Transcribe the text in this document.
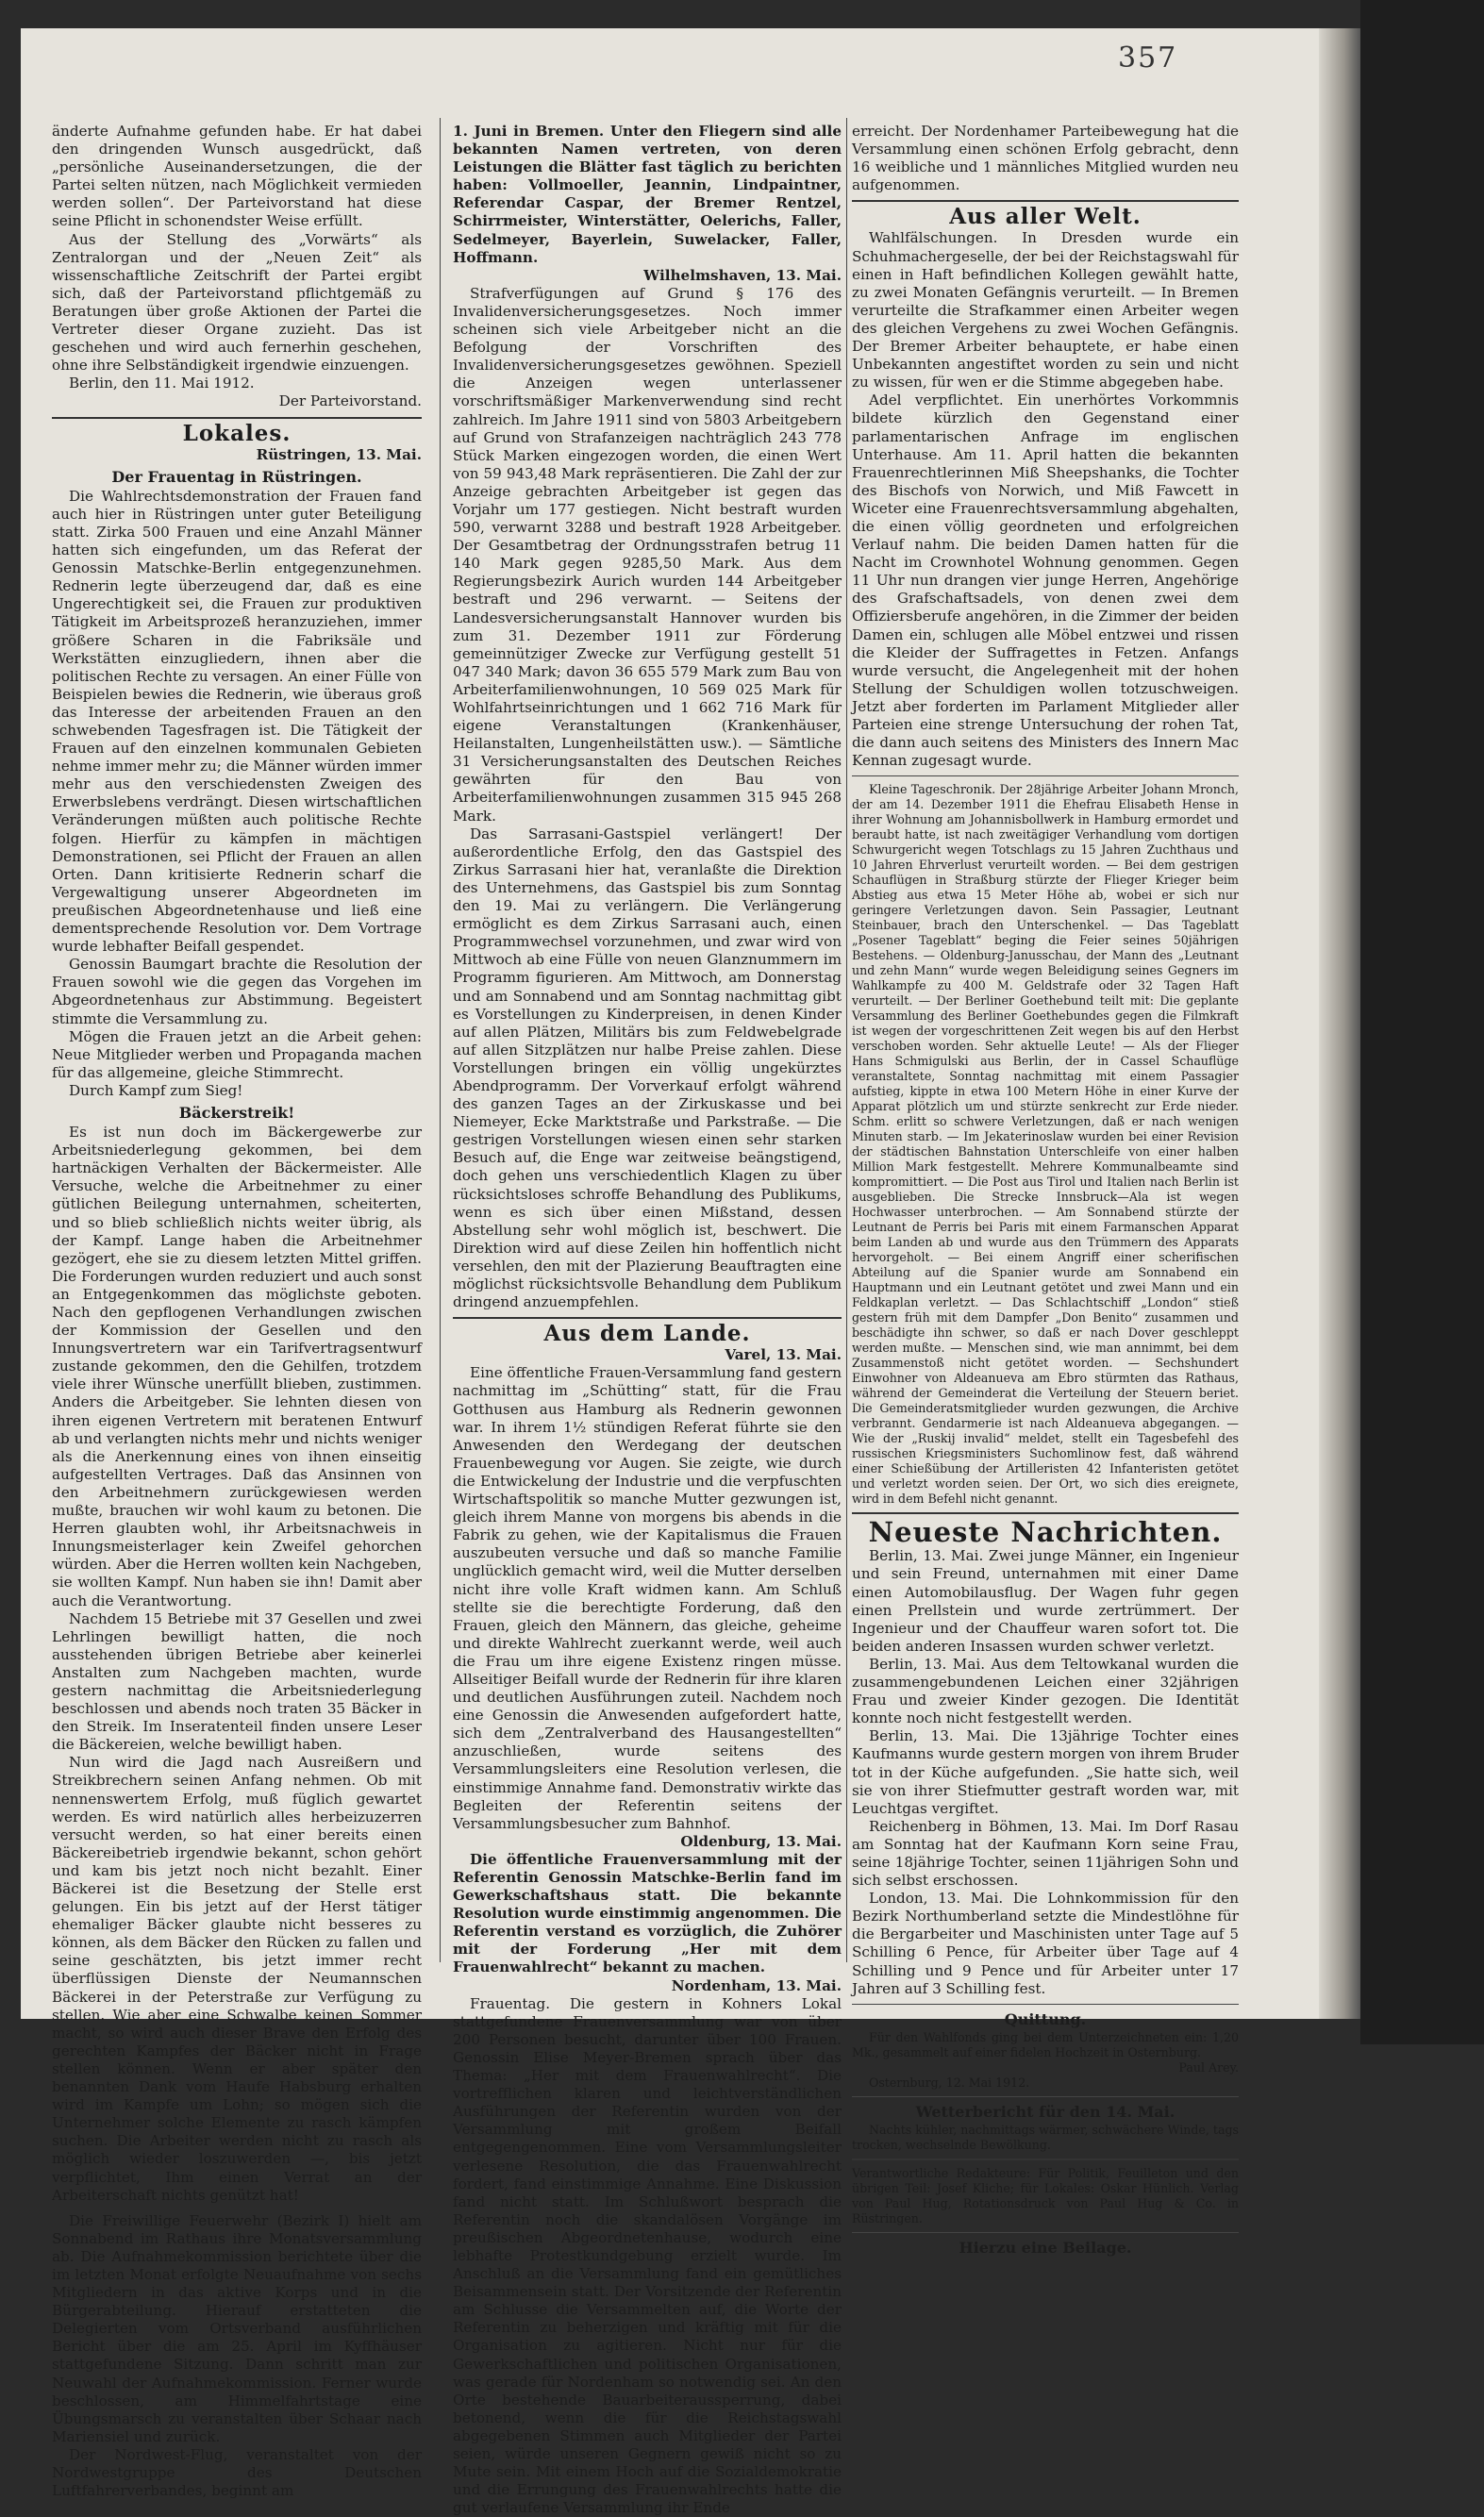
357

änderte Aufnahme gefunden habe. Er hat dabei den dringenden Wunsch ausgedrückt, daß „persönliche Auseinandersetzungen, die der Partei selten nützen, nach Möglichkeit vermieden werden sollen“. Der Parteivorstand hat diese seine Pflicht in schonendster Weise erfüllt.

Aus der Stellung des „Vorwärts“ als Zentralorgan und der „Neuen Zeit“ als wissenschaftliche Zeitschrift der Partei ergibt sich, daß der Parteivorstand pflichtgemäß zu Beratungen über große Aktionen der Partei die Vertreter dieser Organe zuzieht. Das ist geschehen und wird auch fernerhin geschehen, ohne ihre Selbständigkeit irgendwie einzuengen.

Berlin, den 11. Mai 1912.

Der Parteivorstand.

Lokales.

Rüstringen, 13. Mai.

Der Frauentag in Rüstringen.

Die Wahlrechtsdemonstration der Frauen fand auch hier in Rüstringen unter guter Beteiligung statt. Zirka 500 Frauen und eine Anzahl Männer hatten sich eingefunden, um das Referat der Genossin Matschke-Berlin entgegenzunehmen. Rednerin legte überzeugend dar, daß es eine Ungerechtigkeit sei, die Frauen zur produktiven Tätigkeit im Arbeitsprozeß heranzuziehen, immer größere Scharen in die Fabriksäle und Werkstätten einzugliedern, ihnen aber die politischen Rechte zu versagen. An einer Fülle von Beispielen bewies die Rednerin, wie überaus groß das Interesse der arbeitenden Frauen an den schwebenden Tagesfragen ist. Die Tätigkeit der Frauen auf den einzelnen kommunalen Gebieten nehme immer mehr zu; die Männer würden immer mehr aus den verschiedensten Zweigen des Erwerbslebens verdrängt. Diesen wirtschaftlichen Veränderungen müßten auch politische Rechte folgen. Hierfür zu kämpfen in mächtigen Demonstrationen, sei Pflicht der Frauen an allen Orten. Dann kritisierte Rednerin scharf die Vergewaltigung unserer Abgeordneten im preußischen Abgeordnetenhause und ließ eine dementsprechende Resolution vor. Dem Vortrage wurde lebhafter Beifall gespendet.

Genossin Baumgart brachte die Resolution der Frauen sowohl wie die gegen das Vorgehen im Abgeordnetenhaus zur Abstimmung. Begeistert stimmte die Versammlung zu.

Mögen die Frauen jetzt an die Arbeit gehen: Neue Mitglieder werben und Propaganda machen für das allgemeine, gleiche Stimmrecht.

Durch Kampf zum Sieg!

Bäckerstreik!

Es ist nun doch im Bäckergewerbe zur Arbeitsniederlegung gekommen, bei dem hartnäckigen Verhalten der Bäckermeister. Alle Versuche, welche die Arbeitnehmer zu einer gütlichen Beilegung unternahmen, scheiterten, und so blieb schließlich nichts weiter übrig, als der Kampf. Lange haben die Arbeitnehmer gezögert, ehe sie zu diesem letzten Mittel griffen. Die Forderungen wurden reduziert und auch sonst an Entgegenkommen das möglichste geboten. Nach den gepflogenen Verhandlungen zwischen der Kommission der Gesellen und den Innungsvertretern war ein Tarifvertragsentwurf zustande gekommen, den die Gehilfen, trotzdem viele ihrer Wünsche unerfüllt blieben, zustimmen. Anders die Arbeitgeber. Sie lehnten diesen von ihren eigenen Vertretern mit beratenen Entwurf ab und verlangten nichts mehr und nichts weniger als die Anerkennung eines von ihnen einseitig aufgestellten Vertrages. Daß das Ansinnen von den Arbeitnehmern zurückgewiesen werden mußte, brauchen wir wohl kaum zu betonen. Die Herren glaubten wohl, ihr Arbeitsnachweis in Innungsmeisterlager kein Zweifel gehorchen würden. Aber die Herren wollten kein Nachgeben, sie wollten Kampf. Nun haben sie ihn! Damit aber auch die Verantwortung.

Nachdem 15 Betriebe mit 37 Gesellen und zwei Lehrlingen bewilligt hatten, die noch ausstehenden übrigen Betriebe aber keinerlei Anstalten zum Nachgeben machten, wurde gestern nachmittag die Arbeitsniederlegung beschlossen und abends noch traten 35 Bäcker in den Streik. Im Inseratenteil finden unsere Leser die Bäckereien, welche bewilligt haben.

Nun wird die Jagd nach Ausreißern und Streikbrechern seinen Anfang nehmen. Ob mit nennenswertem Erfolg, muß füglich gewartet werden. Es wird natürlich alles herbeizuzerren versucht werden, so hat einer bereits einen Bäckereibetrieb irgendwie bekannt, schon gehört und kam bis jetzt noch nicht bezahlt. Einer Bäckerei ist die Besetzung der Stelle erst gelungen. Ein bis jetzt auf der Herst tätiger ehemaliger Bäcker glaubte nicht besseres zu können, als dem Bäcker den Rücken zu fallen und seine geschätzten, bis jetzt immer recht überflüssigen Dienste der Neumannschen Bäckerei in der Peterstraße zur Verfügung zu stellen. Wie aber eine Schwalbe keinen Sommer macht, so wird auch dieser Brave den Erfolg des gerechten Kampfes der Bäcker nicht in Frage stellen können. Wenn er aber später den benannten Dank vom Haufe Habsburg erhalten wird im Kampfe um Lohn; so mögen sich die Unternehmer solche Elemente zu rasch kämpfen suchen. Die Arbeiter werden nicht zu rasch als möglich wieder loszuwerden —, bis jetzt verpflichtet, Ihm einen Verrat an der Arbeiterschaft nichts genützt hat!

Die Freiwillige Feuerwehr (Bezirk I) hielt am Sonnabend im Rathaus ihre Monatsversammlung ab. Die Aufnahmekommission berichtete über die im letzten Monat erfolgte Neuaufnahme von sechs Mitgliedern in das aktive Korps und in die Bürgerabteilung. Hierauf erstatteten die Delegierten vom Ortsverband ausführlichen Bericht über die am 25. April im Kyffhäuser stattgefundene Sitzung. Dann schritt man zur Neuwahl der Aufnahmekommission. Ferner wurde beschlossen, am Himmelfahrtstage eine Übungsmarsch zu veranstalten über Schaar nach Mariensiel und zurück.

Der Nordwest-Flug, veranstaltet von der Nordwestgruppe des Deutschen Luftfahrerverbandes, beginnt am

1. Juni in Bremen. Unter den Fliegern sind alle bekannten Namen vertreten, von deren Leistungen die Blätter fast täglich zu berichten haben: Vollmoeller, Jeannin, Lindpaintner, Referendar Caspar, der Bremer Rentzel, Schirrmeister, Winterstätter, Oelerichs, Faller, Sedelmeyer, Bayerlein, Suwelacker, Faller, Hoffmann.

Wilhelmshaven, 13. Mai.

Strafverfügungen auf Grund § 176 des Invalidenversicherungsgesetzes. Noch immer scheinen sich viele Arbeitgeber nicht an die Befolgung der Vorschriften des Invalidenversicherungsgesetzes gewöhnen. Speziell die Anzeigen wegen unterlassener vorschriftsmäßiger Markenverwendung sind recht zahlreich. Im Jahre 1911 sind von 5803 Arbeitgebern auf Grund von Strafanzeigen nachträglich 243 778 Stück Marken eingezogen worden, die einen Wert von 59 943,48 Mark repräsentieren. Die Zahl der zur Anzeige gebrachten Arbeitgeber ist gegen das Vorjahr um 177 gestiegen. Nicht bestraft wurden 590, verwarnt 3288 und bestraft 1928 Arbeitgeber. Der Gesamtbetrag der Ordnungsstrafen betrug 11 140 Mark gegen 9285,50 Mark. Aus dem Regierungsbezirk Aurich wurden 144 Arbeitgeber bestraft und 296 verwarnt. — Seitens der Landesversicherungsanstalt Hannover wurden bis zum 31. Dezember 1911 zur Förderung gemeinnütziger Zwecke zur Verfügung gestellt 51 047 340 Mark; davon 36 655 579 Mark zum Bau von Arbeiterfamilienwohnungen, 10 569 025 Mark für Wohlfahrtseinrichtungen und 1 662 716 Mark für eigene Veranstaltungen (Krankenhäuser, Heilanstalten, Lungenheilstätten usw.). — Sämtliche 31 Versicherungsanstalten des Deutschen Reiches gewährten für den Bau von Arbeiterfamilienwohnungen zusammen 315 945 268 Mark.

Das Sarrasani-Gastspiel verlängert! Der außerordentliche Erfolg, den das Gastspiel des Zirkus Sarrasani hier hat, veranlaßte die Direktion des Unternehmens, das Gastspiel bis zum Sonntag den 19. Mai zu verlängern. Die Verlängerung ermöglicht es dem Zirkus Sarrasani auch, einen Programmwechsel vorzunehmen, und zwar wird von Mittwoch ab eine Fülle von neuen Glanznummern im Programm figurieren. Am Mittwoch, am Donnerstag und am Sonnabend und am Sonntag nachmittag gibt es Vorstellungen zu Kinderpreisen, in denen Kinder auf allen Plätzen, Militärs bis zum Feldwebelgrade auf allen Sitzplätzen nur halbe Preise zahlen. Diese Vorstellungen bringen ein völlig ungekürztes Abendprogramm. Der Vorverkauf erfolgt während des ganzen Tages an der Zirkuskasse und bei Niemeyer, Ecke Marktstraße und Parkstraße. — Die gestrigen Vorstellungen wiesen einen sehr starken Besuch auf, die Enge war zeitweise beängstigend, doch gehen uns verschiedentlich Klagen zu über rücksichtsloses schroffe Behandlung des Publikums, wenn es sich über einen Mißstand, dessen Abstellung sehr wohl möglich ist, beschwert. Die Direktion wird auf diese Zeilen hin hoffentlich nicht versehlen, den mit der Plazierung Beauftragten eine möglichst rücksichtsvolle Behandlung dem Publikum dringend anzuempfehlen.

Aus dem Lande.

Varel, 13. Mai.

Eine öffentliche Frauen-Versammlung fand gestern nachmittag im „Schütting“ statt, für die Frau Gotthusen aus Hamburg als Rednerin gewonnen war. In ihrem 1½ stündigen Referat führte sie den Anwesenden den Werdegang der deutschen Frauenbewegung vor Augen. Sie zeigte, wie durch die Entwickelung der Industrie und die verpfuschten Wirtschaftspolitik so manche Mutter gezwungen ist, gleich ihrem Manne von morgens bis abends in die Fabrik zu gehen, wie der Kapitalismus die Frauen auszubeuten versuche und daß so manche Familie unglücklich gemacht wird, weil die Mutter derselben nicht ihre volle Kraft widmen kann. Am Schluß stellte sie die berechtigte Forderung, daß den Frauen, gleich den Männern, das gleiche, geheime und direkte Wahlrecht zuerkannt werde, weil auch die Frau um ihre eigene Existenz ringen müsse. Allseitiger Beifall wurde der Rednerin für ihre klaren und deutlichen Ausführungen zuteil. Nachdem noch eine Genossin die Anwesenden aufgefordert hatte, sich dem „Zentralverband des Hausangestellten“ anzuschließen, wurde seitens des Versammlungsleiters eine Resolution verlesen, die einstimmige Annahme fand. Demonstrativ wirkte das Begleiten der Referentin seitens der Versammlungsbesucher zum Bahnhof.

Oldenburg, 13. Mai.

Die öffentliche Frauenversammlung mit der Referentin Genossin Matschke-Berlin fand im Gewerkschaftshaus statt. Die bekannte Resolution wurde einstimmig angenommen. Die Referentin verstand es vorzüglich, die Zuhörer mit der Forderung „Her mit dem Frauenwahlrecht“ bekannt zu machen.

Nordenham, 13. Mai.

Frauentag. Die gestern in Kohners Lokal stattgefundene Frauenversammlung war von über 200 Personen besucht, darunter über 100 Frauen. Genossin Elise Meyer-Bremen sprach über das Thema: „Her mit dem Frauenwahlrecht“. Die vortrefflichen klaren und leichtverständlichen Ausführungen der Referentin wurden von der Versammlung mit großem Beifall entgegengenommen. Eine vom Versammlungsleiter verlesene Resolution, die das Frauenwahlrecht fordert, fand einstimmige Annahme. Eine Diskussion fand nicht statt. Im Schlußwort besprach die Referentin noch die skandalösen Vorgänge im preußischen Abgeordnetenhause, wodurch eine lebhafte Protestkundgebung erzielt wurde. Im Anschluß an die Versammlung fand ein gemütliches Beisammensein statt. Der Vorsitzende der Referentin am Schlusse die Versammelten auf, die Worte der Referentin zu beherzigen und kräftig mit für die Organisation zu agitieren. Nicht nur für die Gewerkschaftlichen und politischen Organisationen, was gerade für Nordenham so notwendig sei. An den Orte bestehende Bauarbeiteraussperrung, dabei betonend, wenn die für die Reichstagswahl abgegebenen Stimmen auch Mitglieder der Partei seien, würde unseren Gegnern gewiß nicht so zu Mute sein. Mit einem Hoch auf die Sozialdemokratie und die Errungung des Frauenwahlrechts hatte die gut verlaufene Versammlung ihr Ende

erreicht. Der Nordenhamer Parteibewegung hat die Versammlung einen schönen Erfolg gebracht, denn 16 weibliche und 1 männliches Mitglied wurden neu aufgenommen.

Aus aller Welt.

Wahlfälschungen. In Dresden wurde ein Schuhmachergeselle, der bei der Reichstagswahl für einen in Haft befindlichen Kollegen gewählt hatte, zu zwei Monaten Gefängnis verurteilt. — In Bremen verurteilte die Strafkammer einen Arbeiter wegen des gleichen Vergehens zu zwei Wochen Gefängnis. Der Bremer Arbeiter behauptete, er habe einen Unbekannten angestiftet worden zu sein und nicht zu wissen, für wen er die Stimme abgegeben habe.

Adel verpflichtet. Ein unerhörtes Vorkommnis bildete kürzlich den Gegenstand einer parlamentarischen Anfrage im englischen Unterhause. Am 11. April hatten die bekannten Frauenrechtlerinnen Miß Sheepshanks, die Tochter des Bischofs von Norwich, und Miß Fawcett in Wiceter eine Frauenrechtsversammlung abgehalten, die einen völlig geordneten und erfolgreichen Verlauf nahm. Die beiden Damen hatten für die Nacht im Crownhotel Wohnung genommen. Gegen 11 Uhr nun drangen vier junge Herren, Angehörige des Grafschaftsadels, von denen zwei dem Offiziersberufe angehören, in die Zimmer der beiden Damen ein, schlugen alle Möbel entzwei und rissen die Kleider der Suffragettes in Fetzen. Anfangs wurde versucht, die Angelegenheit mit der hohen Stellung der Schuldigen wollen totzuschweigen. Jetzt aber forderten im Parlament Mitglieder aller Parteien eine strenge Untersuchung der rohen Tat, die dann auch seitens des Ministers des Innern Mac Kennan zugesagt wurde.

Kleine Tageschronik. Der 28jährige Arbeiter Johann Mronch, der am 14. Dezember 1911 die Ehefrau Elisabeth Hense in ihrer Wohnung am Johannisbollwerk in Hamburg ermordet und beraubt hatte, ist nach zweitägiger Verhandlung vom dortigen Schwurgericht wegen Totschlags zu 15 Jahren Zuchthaus und 10 Jahren Ehrverlust verurteilt worden. — Bei dem gestrigen Schauflügen in Straßburg stürzte der Flieger Krieger beim Abstieg aus etwa 15 Meter Höhe ab, wobei er sich nur geringere Verletzungen davon. Sein Passagier, Leutnant Steinbauer, brach den Unterschenkel. — Das Tageblatt „Posener Tageblatt“ beging die Feier seines 50jährigen Bestehens. — Oldenburg-Janusschau, der Mann des „Leutnant und zehn Mann“ wurde wegen Beleidigung seines Gegners im Wahlkampfe zu 400 M. Geldstrafe oder 32 Tagen Haft verurteilt. — Der Berliner Goethebund teilt mit: Die geplante Versammlung des Berliner Goethebundes gegen die Filmkraft ist wegen der vorgeschrittenen Zeit wegen bis auf den Herbst verschoben worden. Sehr aktuelle Leute! — Als der Flieger Hans Schmigulski aus Berlin, der in Cassel Schauflüge veranstaltete, Sonntag nachmittag mit einem Passagier aufstieg, kippte in etwa 100 Metern Höhe in einer Kurve der Apparat plötzlich um und stürzte senkrecht zur Erde nieder. Schm. erlitt so schwere Verletzungen, daß er nach wenigen Minuten starb. — Im Jekaterinoslaw wurden bei einer Revision der städtischen Bahnstation Unterschleife von einer halben Million Mark festgestellt. Mehrere Kommunalbeamte sind kompromittiert. — Die Post aus Tirol und Italien nach Berlin ist ausgeblieben. Die Strecke Innsbruck—Ala ist wegen Hochwasser unterbrochen. — Am Sonnabend stürzte der Leutnant de Perris bei Paris mit einem Farmanschen Apparat beim Landen ab und wurde aus den Trümmern des Apparats hervorgeholt. — Bei einem Angriff einer scherifischen Abteilung auf die Spanier wurde am Sonnabend ein Hauptmann und ein Leutnant getötet und zwei Mann und ein Feldkaplan verletzt. — Das Schlachtschiff „London“ stieß gestern früh mit dem Dampfer „Don Benito“ zusammen und beschädigte ihn schwer, so daß er nach Dover geschleppt werden mußte. — Menschen sind, wie man annimmt, bei dem Zusammenstoß nicht getötet worden. — Sechshundert Einwohner von Aldeanueva am Ebro stürmten das Rathaus, während der Gemeinderat die Verteilung der Steuern beriet. Die Gemeinderatsmitglieder wurden gezwungen, die Archive verbrannt. Gendarmerie ist nach Aldeanueva abgegangen. — Wie der „Ruskij invalid“ meldet, stellt ein Tagesbefehl des russischen Kriegsministers Suchomlinow fest, daß während einer Schießübung der Artilleristen 42 Infanteristen getötet und verletzt worden seien. Der Ort, wo sich dies ereignete, wird in dem Befehl nicht genannt.

Neueste Nachrichten.

Berlin, 13. Mai. Zwei junge Männer, ein Ingenieur und sein Freund, unternahmen mit einer Dame einen Automobilausflug. Der Wagen fuhr gegen einen Prellstein und wurde zertrümmert. Der Ingenieur und der Chauffeur waren sofort tot. Die beiden anderen Insassen wurden schwer verletzt.

Berlin, 13. Mai. Aus dem Teltowkanal wurden die zusammengebundenen Leichen einer 32jährigen Frau und zweier Kinder gezogen. Die Identität konnte noch nicht festgestellt werden.

Berlin, 13. Mai. Die 13jährige Tochter eines Kaufmanns wurde gestern morgen von ihrem Bruder tot in der Küche aufgefunden. „Sie hatte sich, weil sie von ihrer Stiefmutter gestraft worden war, mit Leuchtgas vergiftet.

Reichenberg in Böhmen, 13. Mai. Im Dorf Rasau am Sonntag hat der Kaufmann Korn seine Frau, seine 18jährige Tochter, seinen 11jährigen Sohn und sich selbst erschossen.

London, 13. Mai. Die Lohnkommission für den Bezirk Northumberland setzte die Mindestlöhne für die Bergarbeiter und Maschinisten unter Tage auf 5 Schilling 6 Pence, für Arbeiter über Tage auf 4 Schilling und 9 Pence und für Arbeiter unter 17 Jahren auf 3 Schilling fest.

Quittung.

Für den Wahlfonds ging bei dem Unterzeichneten ein: 1,20 Mk., gesammelt auf einer fidelen Hochzeit in Osternburg.

Paul Arey.

Osternburg, 12. Mai 1912.

Wetterbericht für den 14. Mai.

Nachts kühler, nachmittags wärmer, schwächere Winde, tags trocken, wechselnde Bewölkung.

Verantwortliche Redakteure: Für Politik, Feuilleton und den übrigen Teil: Josef Kliche; für Lokales: Oskar Hünlich. Verlag von Paul Hug, Rotationsdruck von Paul Hug & Co. in Rüstringen.

Hierzu eine Beilage.
